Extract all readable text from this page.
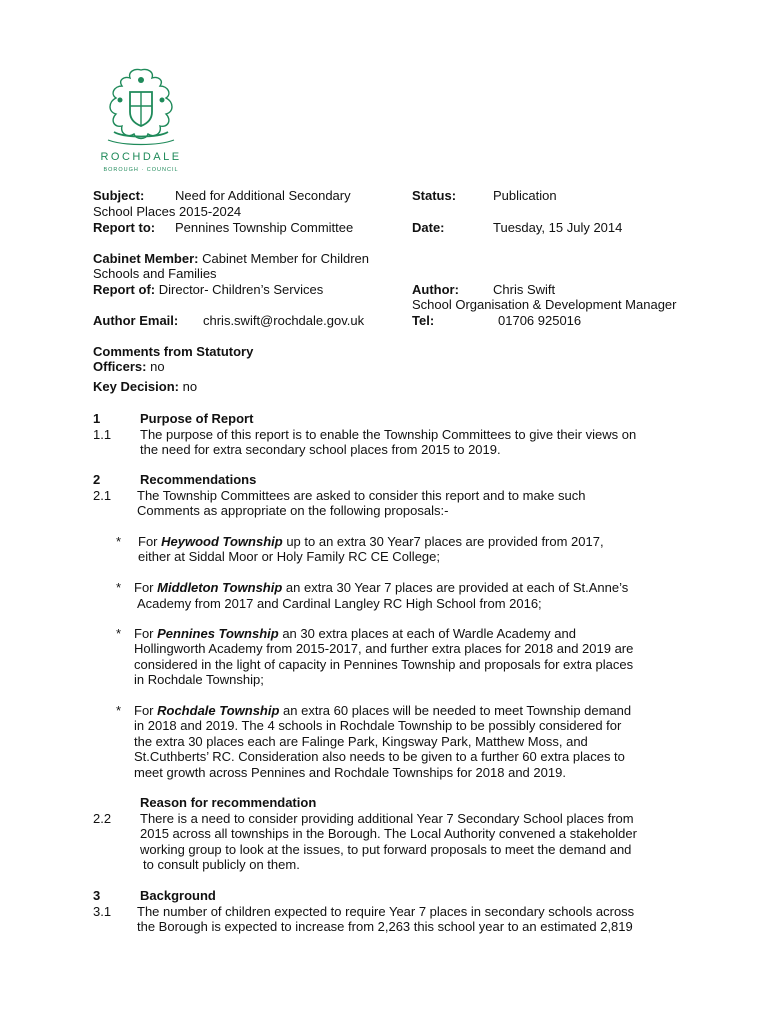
ROCHDALE
BOROUGH · COUNCIL
Subject: Need for Additional Secondary
School Places 2015-2024
Status:	Publication
Report to: Pennines Township Committee	Date:	Tuesday, 15 July 2014
Cabinet Member: Cabinet Member for Children
Schools and Families
Report of: Director- Children’s Services	Author:	Chris Swift
School Organisation & Development Manager
Author Email: chris.swift@rochdale.gov.uk	Tel:	01706 925016
Comments from Statutory
Officers: no
Key Decision: no
1	Purpose of Report
1.1 The purpose of this report is to enable the Township Committees to give their views on
the need for extra secondary school places from 2015 to 2019.
2	Recommendations
2.1 The Township Committees are asked to consider this report and to make such
Comments as appropriate on the following proposals:-
* For Heywood Township up to an extra 30 Year7 places are provided from 2017,
either at Siddal Moor or Holy Family RC CE College;
* For Middleton Township an extra 30 Year 7 places are provided at each of St.Anne’s
Academy from 2017 and Cardinal Langley RC High School from 2016;
* For Pennines Township an 30 extra places at each of Wardle Academy and
Hollingworth Academy from 2015-2017, and further extra places for 2018 and 2019 are
considered in the light of capacity in Pennines Township and proposals for extra places
in Rochdale Township;
* For Rochdale Township an extra 60 places will be needed to meet Township demand
in 2018 and 2019. The 4 schools in Rochdale Township to be possibly considered for
the extra 30 places each are Falinge Park, Kingsway Park, Matthew Moss, and
St.Cuthberts’ RC. Consideration also needs to be given to a further 60 extra places to
meet growth across Pennines and Rochdale Townships for 2018 and 2019.
Reason for recommendation
2.2 There is a need to consider providing additional Year 7 Secondary School places from
2015 across all townships in the Borough. The Local Authority convened a stakeholder
working group to look at the issues, to put forward proposals to meet the demand and
to consult publicly on them.
3	Background
3.1 The number of children expected to require Year 7 places in secondary schools across
the Borough is expected to increase from 2,263 this school year to an estimated 2,819
